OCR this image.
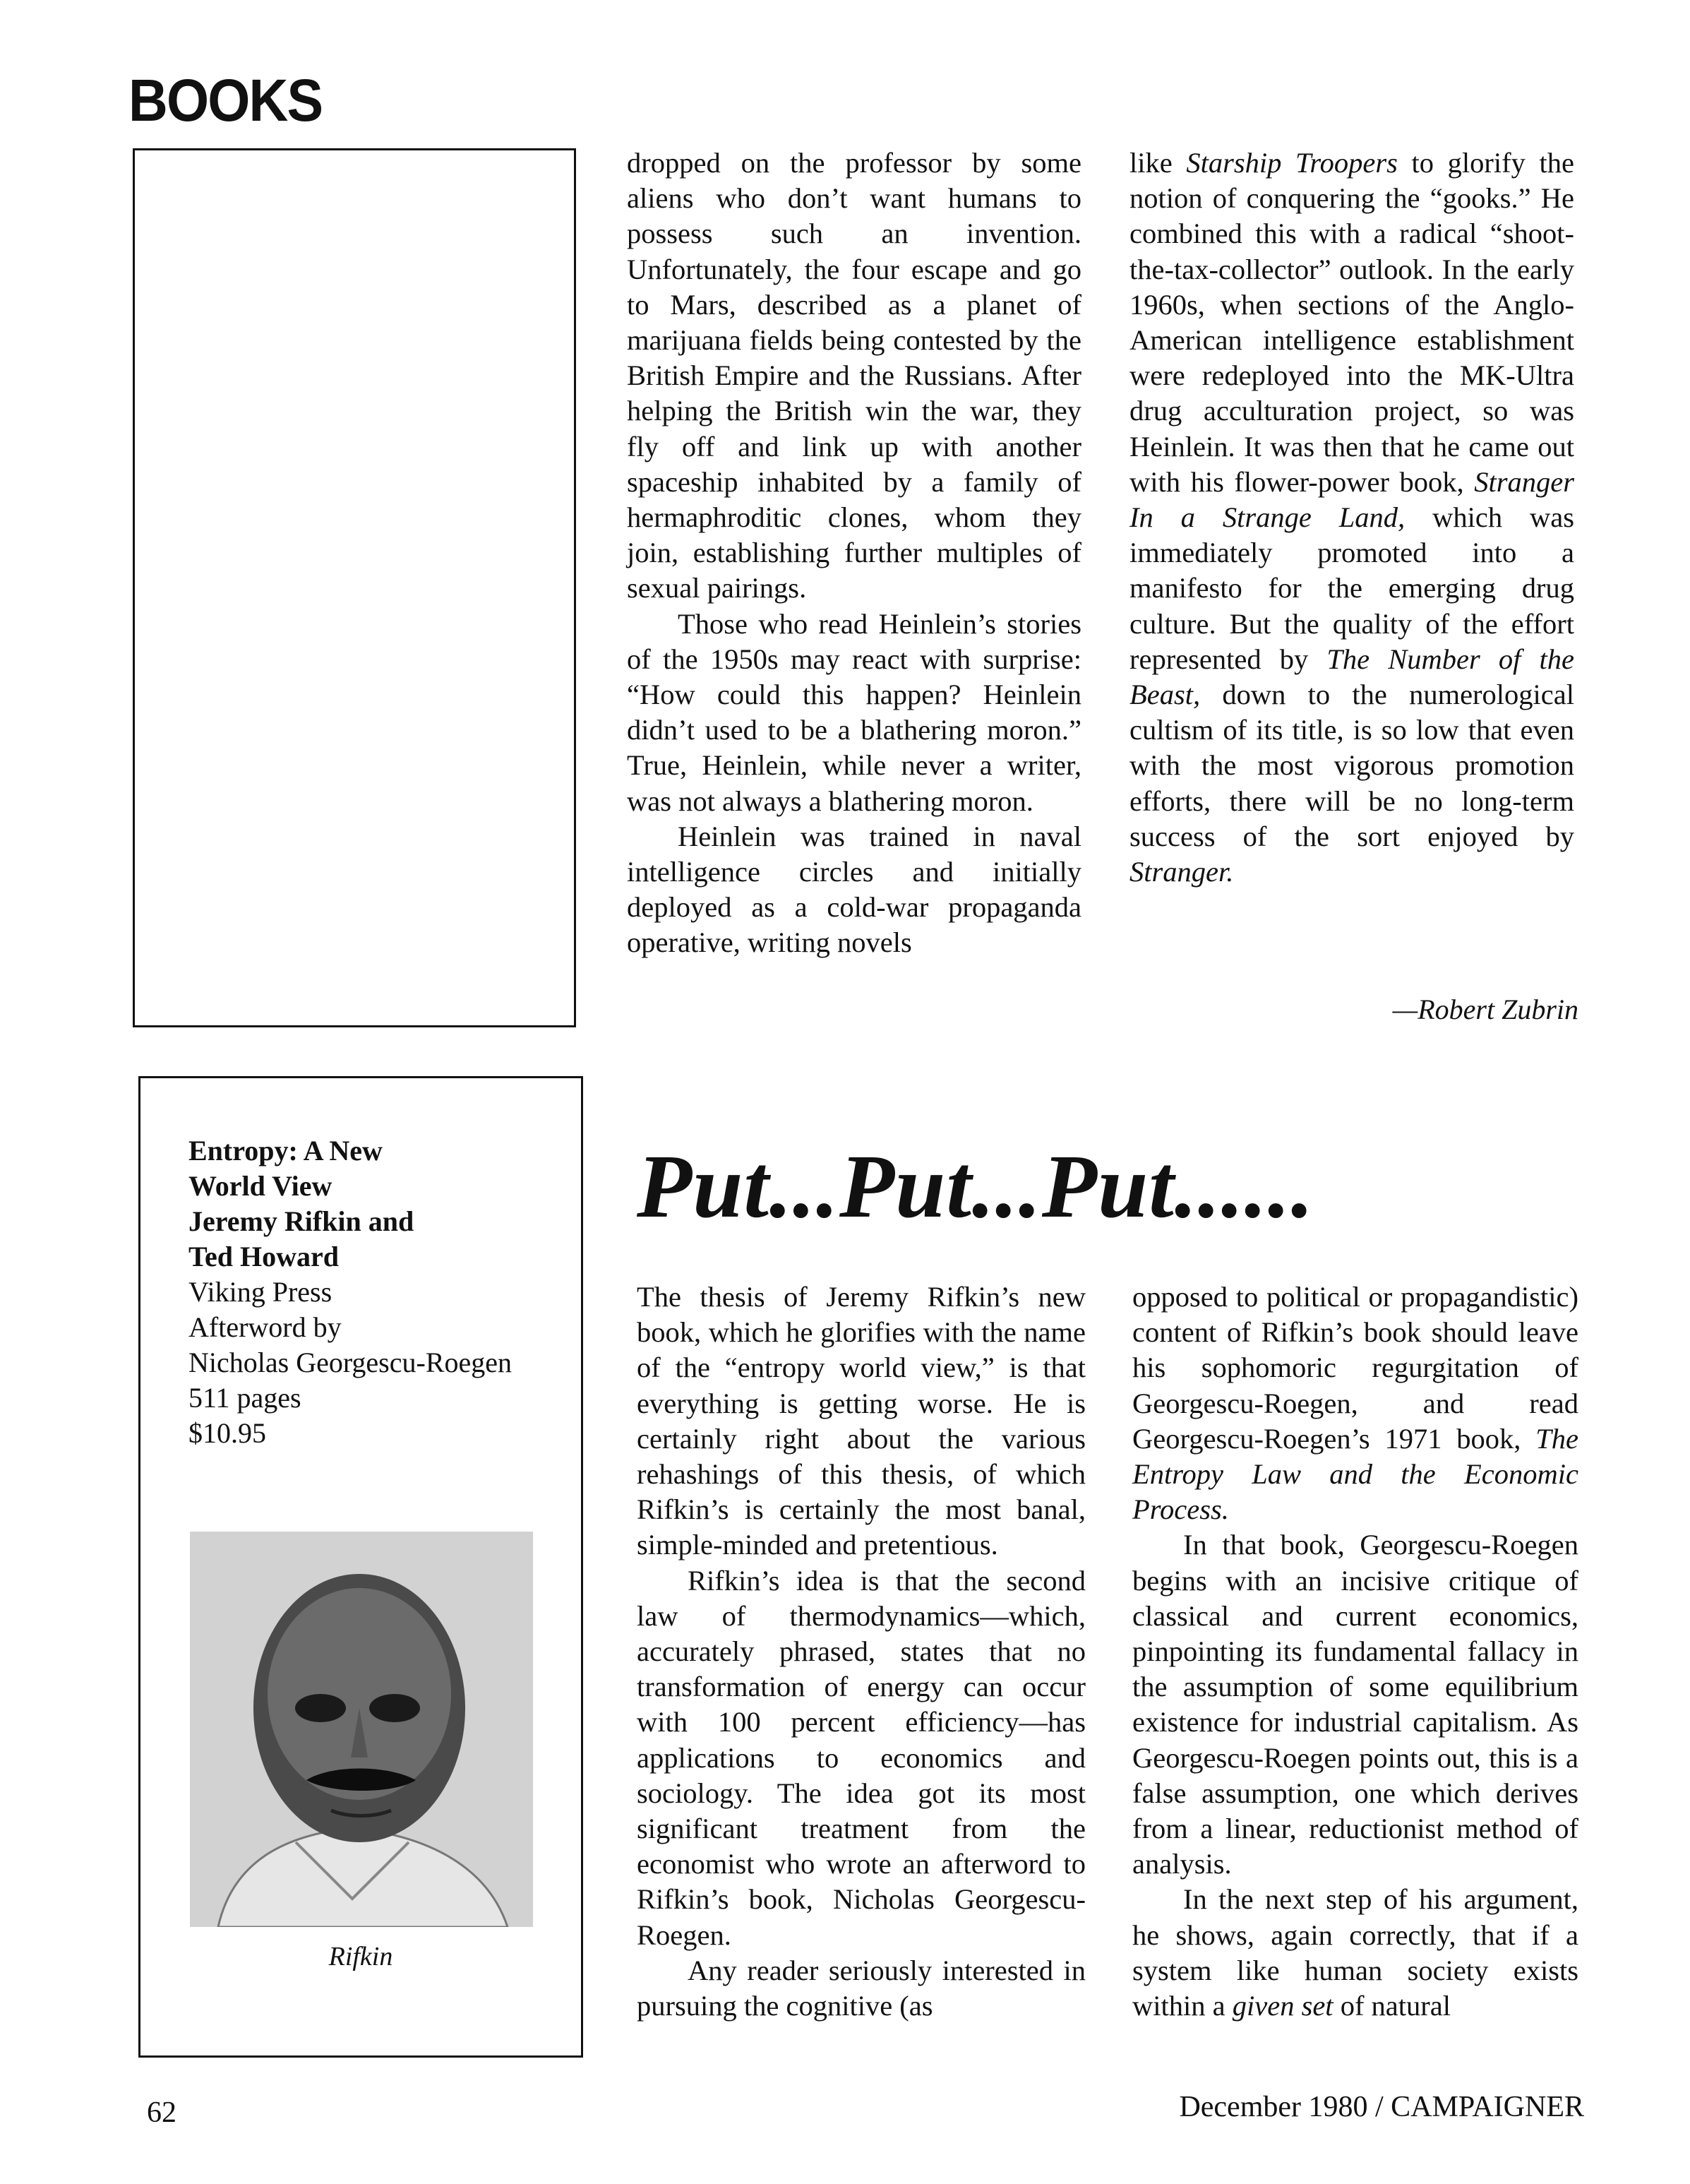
BOOKS

dropped on the professor by some aliens who don’t want humans to possess such an invention. Unfortunately, the four escape and go to Mars, described as a planet of marijuana fields being contested by the British Empire and the Russians. After helping the British win the war, they fly off and link up with another spaceship inhabited by a family of hermaphroditic clones, whom they join, establishing further multiples of sexual pairings.

Those who read Heinlein’s stories of the 1950s may react with surprise: “How could this happen? Heinlein didn’t used to be a blathering moron.” True, Heinlein, while never a writer, was not always a blathering moron.

Heinlein was trained in naval intelligence circles and initially deployed as a cold-war propaganda operative, writing novels

like Starship Troopers to glorify the notion of conquering the “gooks.” He combined this with a radical “shoot-the-tax-collector” outlook. In the early 1960s, when sections of the Anglo-American intelligence establishment were redeployed into the MK-Ultra drug acculturation project, so was Heinlein. It was then that he came out with his flower-power book, Stranger In a Strange Land, which was immediately promoted into a manifesto for the emerging drug culture. But the quality of the effort represented by The Number of the Beast, down to the numerological cultism of its title, is so low that even with the most vigorous promotion efforts, there will be no long-term success of the sort enjoyed by Stranger.

—Robert Zubrin
Entropy: A New
World View
Jeremy Rifkin and
Ted Howard
Viking Press
Afterword by
Nicholas Georgescu-Roegen
511 pages
$10.95
Rifkin
Put...Put...Put......

The thesis of Jeremy Rifkin’s new book, which he glorifies with the name of the “entropy world view,” is that everything is getting worse. He is certainly right about the various rehashings of this thesis, of which Rifkin’s is certainly the most banal, simple-minded and pretentious.

Rifkin’s idea is that the second law of thermodynamics—which, accurately phrased, states that no transformation of energy can occur with 100 percent efficiency—has applications to economics and sociology. The idea got its most significant treatment from the economist who wrote an afterword to Rifkin’s book, Nicholas Georgescu-Roegen.

Any reader seriously interested in pursuing the cognitive (as

opposed to political or propagandistic) content of Rifkin’s book should leave his sophomoric regurgitation of Georgescu-Roegen, and read Georgescu-Roegen’s 1971 book, The Entropy Law and the Economic Process.

In that book, Georgescu-Roegen begins with an incisive critique of classical and current economics, pinpointing its fundamental fallacy in the assumption of some equilibrium existence for industrial capitalism. As Georgescu-Roegen points out, this is a false assumption, one which derives from a linear, reductionist method of analysis.

In the next step of his argument, he shows, again correctly, that if a system like human society exists within a given set of natural

62	December 1980 / CAMPAIGNER
